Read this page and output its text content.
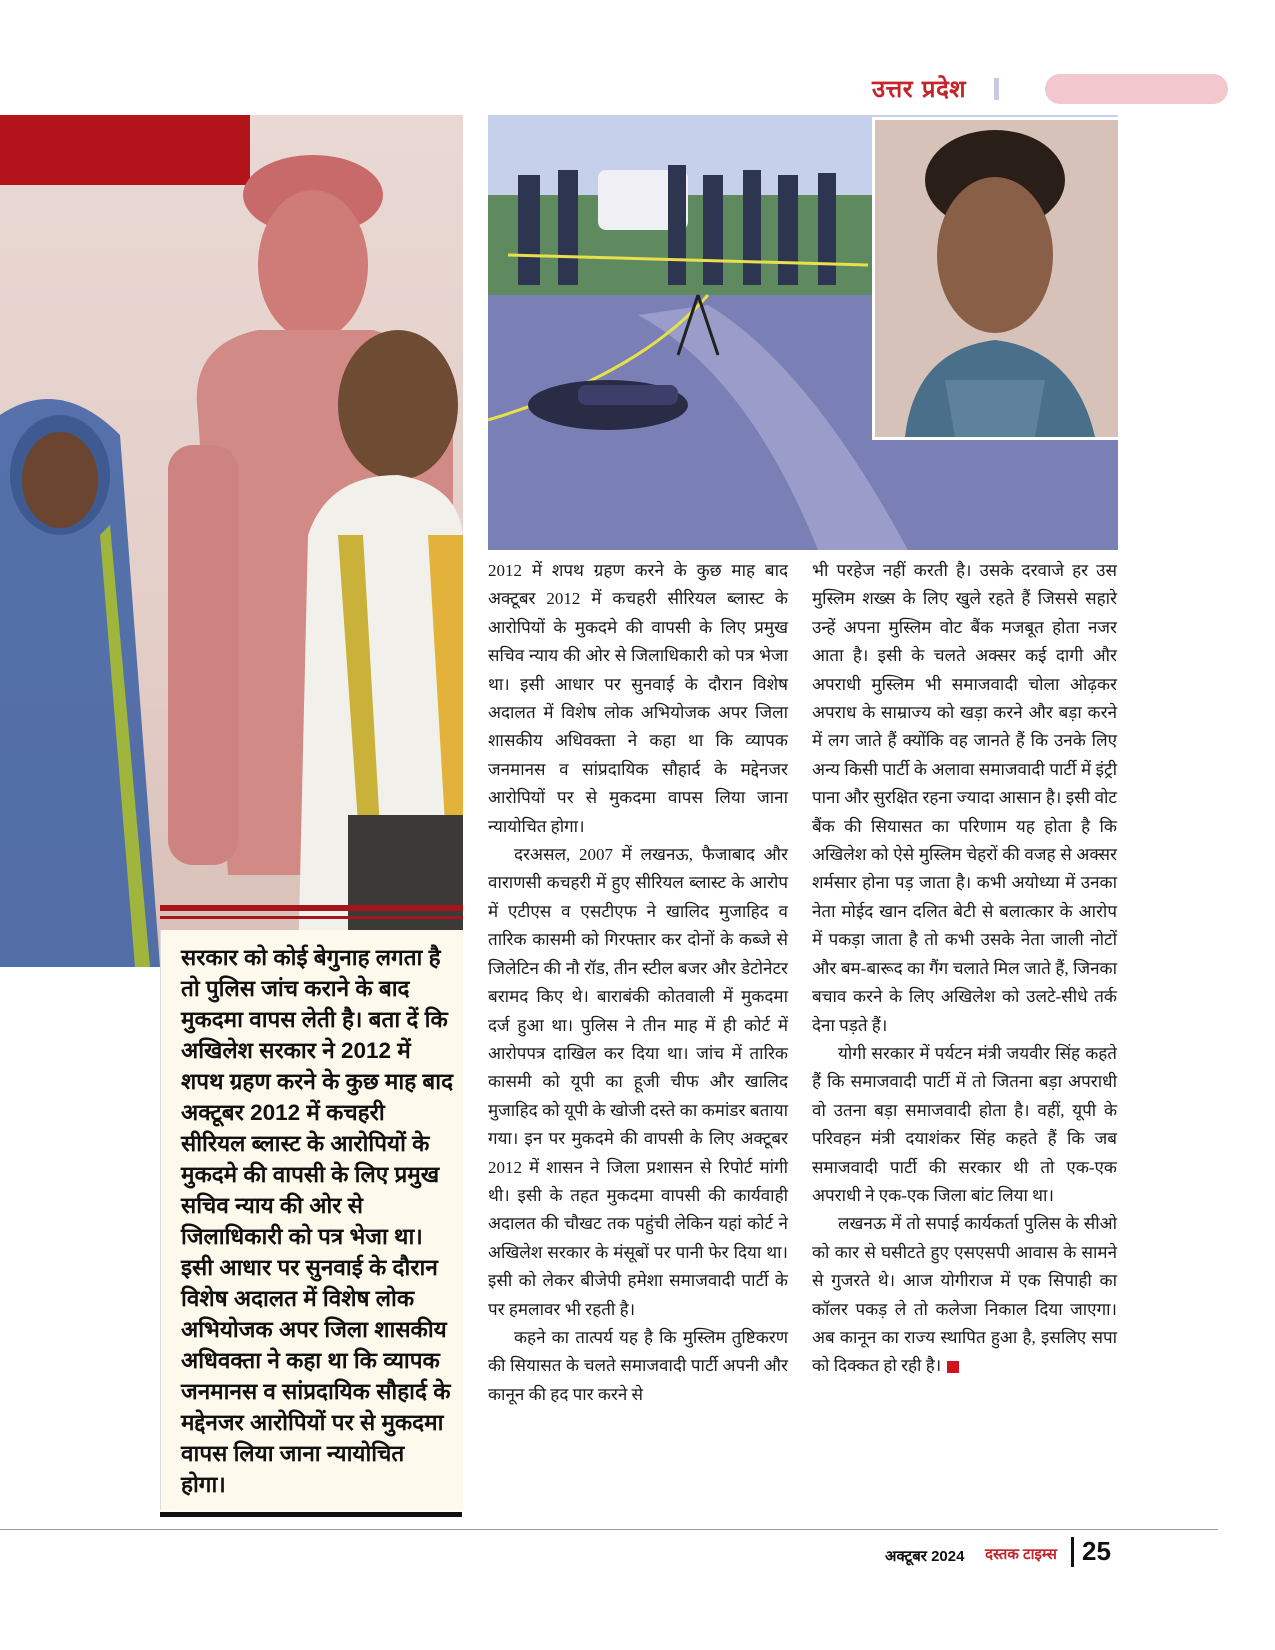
उत्तर प्रदेश
सरकार को कोई बेगुनाह लगता है तो पुलिस जांच कराने के बाद मुकदमा वापस लेती है। बता दें कि अखिलेश सरकार ने 2012 में शपथ ग्रहण करने के कुछ माह बाद अक्टूबर 2012 में कचहरी सीरियल ब्लास्ट के आरोपियों के मुकदमे की वापसी के लिए प्रमुख सचिव न्याय की ओर से जिलाधिकारी को पत्र भेजा था। इसी आधार पर सुनवाई के दौरान विशेष अदालत में विशेष लोक अभियोजक अपर जिला शासकीय अधिवक्ता ने कहा था कि व्यापक जनमानस व सांप्रदायिक सौहार्द के मद्देनजर आरोपियों पर से मुकदमा वापस लिया जाना न्यायोचित होगा।

2012 में शपथ ग्रहण करने के कुछ माह बाद अक्टूबर 2012 में कचहरी सीरियल ब्लास्ट के आरोपियों के मुकदमे की वापसी के लिए प्रमुख सचिव न्याय की ओर से जिलाधिकारी को पत्र भेजा था। इसी आधार पर सुनवाई के दौरान विशेष अदालत में विशेष लोक अभियोजक अपर जिला शासकीय अधिवक्ता ने कहा था कि व्यापक जनमानस व सांप्रदायिक सौहार्द के मद्देनजर आरोपियों पर से मुकदमा वापस लिया जाना न्यायोचित होगा।

दरअसल, 2007 में लखनऊ, फैजाबाद और वाराणसी कचहरी में हुए सीरियल ब्लास्ट के आरोप में एटीएस व एसटीएफ ने खालिद मुजाहिद व तारिक कासमी को गिरफ्तार कर दोनों के कब्जे से जिलेटिन की नौ रॉड, तीन स्टील बजर और डेटोनेटर बरामद किए थे। बाराबंकी कोतवाली में मुकदमा दर्ज हुआ था। पुलिस ने तीन माह में ही कोर्ट में आरोपपत्र दाखिल कर दिया था। जांच में तारिक कासमी को यूपी का हूजी चीफ और खालिद मुजाहिद को यूपी के खोजी दस्ते का कमांडर बताया गया। इन पर मुकदमे की वापसी के लिए अक्टूबर 2012 में शासन ने जिला प्रशासन से रिपोर्ट मांगी थी। इसी के तहत मुकदमा वापसी की कार्यवाही अदालत की चौखट तक पहुंची लेकिन यहां कोर्ट ने अखिलेश सरकार के मंसूबों पर पानी फेर दिया था। इसी को लेकर बीजेपी हमेशा समाजवादी पार्टी के पर हमलावर भी रहती है।

कहने का तात्पर्य यह है कि मुस्लिम तुष्टिकरण की सियासत के चलते समाजवादी पार्टी अपनी और कानून की हद पार करने से

भी परहेज नहीं करती है। उसके दरवाजे हर उस मुस्लिम शख्स के लिए खुले रहते हैं जिससे सहारे उन्हें अपना मुस्लिम वोट बैंक मजबूत होता नजर आता है। इसी के चलते अक्सर कई दागी और अपराधी मुस्लिम भी समाजवादी चोला ओढ़कर अपराध के साम्राज्य को खड़ा करने और बड़ा करने में लग जाते हैं क्योंकि वह जानते हैं कि उनके लिए अन्य किसी पार्टी के अलावा समाजवादी पार्टी में इंट्री पाना और सुरक्षित रहना ज्यादा आसान है। इसी वोट बैंक की सियासत का परिणाम यह होता है कि अखिलेश को ऐसे मुस्लिम चेहरों की वजह से अक्सर शर्मसार होना पड़ जाता है। कभी अयोध्या में उनका नेता मोईद खान दलित बेटी से बलात्कार के आरोप में पकड़ा जाता है तो कभी उसके नेता जाली नोटों और बम-बारूद का गैंग चलाते मिल जाते हैं, जिनका बचाव करने के लिए अखिलेश को उलटे-सीधे तर्क देना पड़ते हैं।

योगी सरकार में पर्यटन मंत्री जयवीर सिंह कहते हैं कि समाजवादी पार्टी में तो जितना बड़ा अपराधी वो उतना बड़ा समाजवादी होता है। वहीं, यूपी के परिवहन मंत्री दयाशंकर सिंह कहते हैं कि जब समाजवादी पार्टी की सरकार थी तो एक-एक अपराधी ने एक-एक जिला बांट लिया था।

लखनऊ में तो सपाई कार्यकर्ता पुलिस के सीओ को कार से घसीटते हुए एसएसपी आवास के सामने से गुजरते थे। आज योगीराज में एक सिपाही का कॉलर पकड़ ले तो कलेजा निकाल दिया जाएगा। अब कानून का राज्य स्थापित हुआ है, इसलिए सपा को दिक्कत हो रही है।

अक्टूबर 2024 दस्तक टाइम्स 25
